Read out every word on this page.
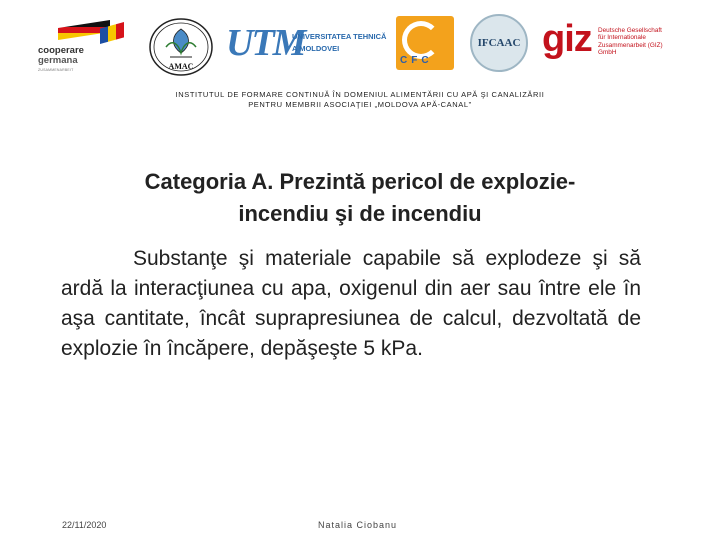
cooperare
germana
ZUSAMMENARBEIT	AMAC
UTM
UNIVERSITATEA TEHNICĂ
A MOLDOVEI
CFC
IFCAAC giz Deutsche Gesellschaft
für Internationale
Zusammenarbeit (GIZ) GmbH
INSTITUTUL DE FORMARE CONTINUĂ ÎN DOMENIUL ALIMENTĂRII CU APĂ ŞI CANALIZĂRII
PENTRU MEMBRII ASOCIAŢIEI „MOLDOVA APĂ-CANAL”
Categoria A. Prezintă pericol de explozie-
incendiu şi de incendiu
Substanţe şi materiale capabile să explodeze şi să ardă la interacţiunea cu apa, oxigenul din aer sau între ele în aşa cantitate, încât suprapresiunea de calcul, dezvoltată de explozie în încăpere, depăşeşte 5 kPa.
22/11/2020	Natalia Ciobanu
